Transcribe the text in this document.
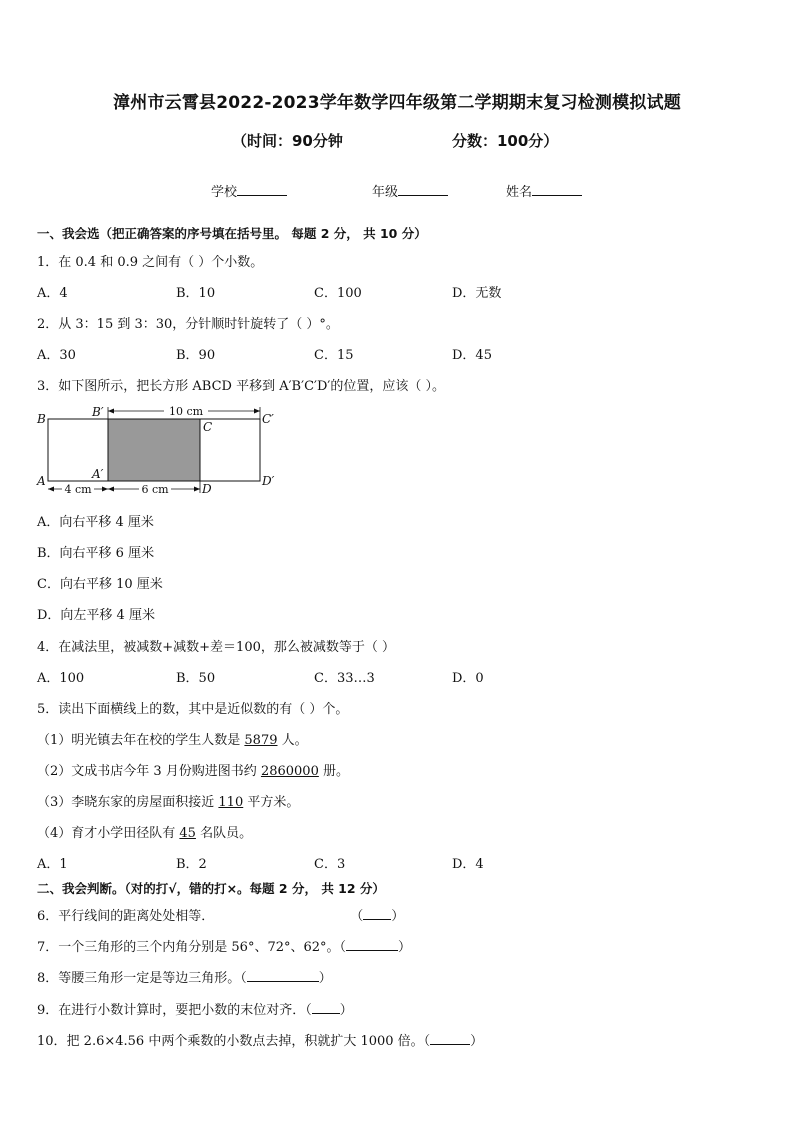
漳州市云霄县2022-2023学年数学四年级第二学期期末复习检测模拟试题
（时间：90分钟	分数：100分）
学校	年级	姓名
一、我会选（把正确答案的序号填在括号里。 每题 2 分， 共 10 分）
1．在 0.4 和 0.9 之间有（ ）个小数。
A．4	B．10	C．100	D．无数
2．从 3：15 到 3：30，分针顺时针旋转了（ ）°。
A．30	B．90	C．15	D．45
3．如下图所示，把长方形 ABCD 平移到 A′B′C′D′的位置，应该（ ）。
10 cm
4 cm	6 cm
B	B′
C
C′
A	A′
D
D′
A．向右平移 4 厘米
B．向右平移 6 厘米
C．向右平移 10 厘米
D．向左平移 4 厘米
4．在减法里，被减数+减数+差＝100，那么被减数等于（ ）
A．100	B．50	C．33…3	D．0
5．读出下面横线上的数，其中是近似数的有（ ）个。
（1）明光镇去年在校的学生人数是 5879 人。
（2）文成书店今年 3 月份购进图书约 2860000 册。
（3）李晓东家的房屋面积接近 110 平方米。
（4）育才小学田径队有 45 名队员。
A．1	B．2	C．3	D．4
二、我会判断。（对的打√，错的打×。每题 2 分， 共 12 分）
6．平行线间的距离处处相等．	（ ）
7．一个三角形的三个内角分别是 56°、72°、62°。（	）
8．等腰三角形一定是等边三角形。（	）
9．在进行小数计算时，要把小数的末位对齐．（ ）
10．把 2.6×4.56 中两个乘数的小数点去掉，积就扩大 1000 倍。（	）
